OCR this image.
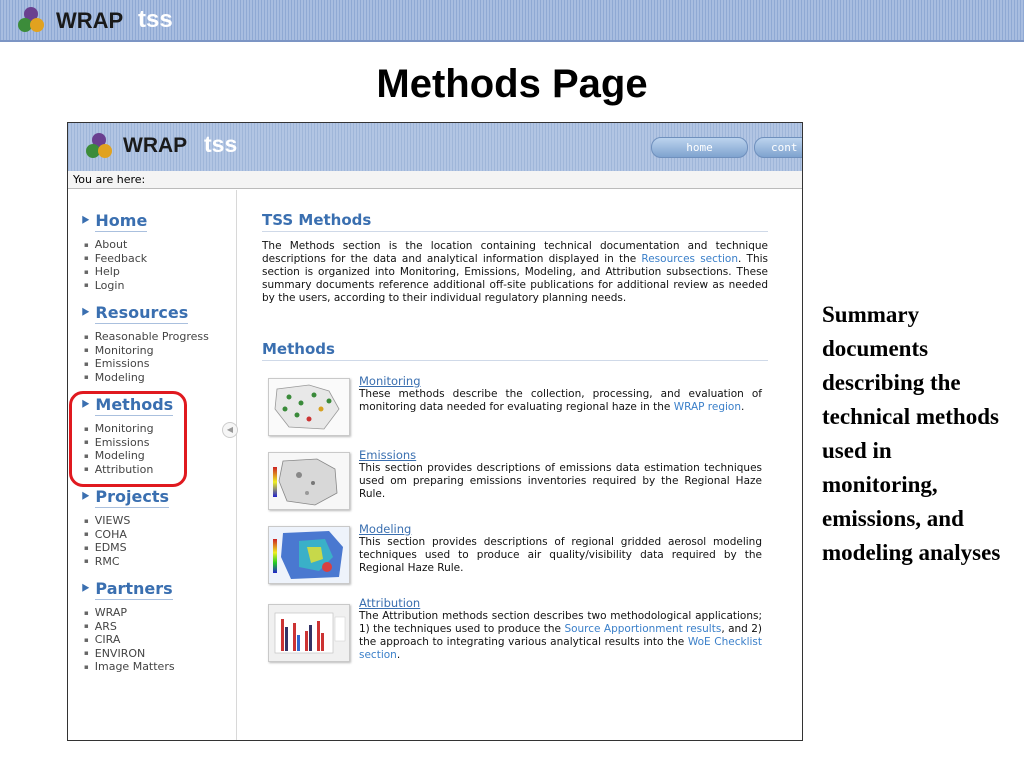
WRAP tss
Methods Page
WRAP tss	home	cont
You are here:
⯈ Home
▪ About
▪ Feedback
▪ Help
▪ Login
⯈ Resources
▪ Reasonable Progress
▪ Monitoring
▪ Emissions
▪ Modeling
⯈ Methods
▪ Monitoring
▪ Emissions
▪ Modeling
▪ Attribution
⯈ Projects
▪ VIEWS
▪ COHA
▪ EDMS
▪ RMC
⯈ Partners
▪ WRAP
▪ ARS
▪ CIRA
▪ ENVIRON
▪ Image Matters
◀
TSS Methods
The Methods section is the location containing technical documentation and technique descriptions for the data and analytical information displayed in the Resources section. This section is organized into Monitoring, Emissions, Modeling, and Attribution subsections. These summary documents reference additional off-site publications for additional review as needed by the users, according to their individual regulatory planning needs.
Methods
Monitoring
These methods describe the collection, processing, and evaluation of monitoring data needed for evaluating regional haze in the WRAP region.
Emissions
This section provides descriptions of emissions data estimation techniques used om preparing emissions inventories required by the Regional Haze Rule.
Modeling
This section provides descriptions of regional gridded aerosol modeling techniques used to produce air quality/visibility data required by the Regional Haze Rule.
Attribution
The Attribution methods section describes two methodological applications; 1) the techniques used to produce the Source Apportionment results, and 2) the approach to integrating various analytical results into the WoE Checklist section.
Summary documents describing the technical methods used in monitoring, emissions, and modeling analyses
